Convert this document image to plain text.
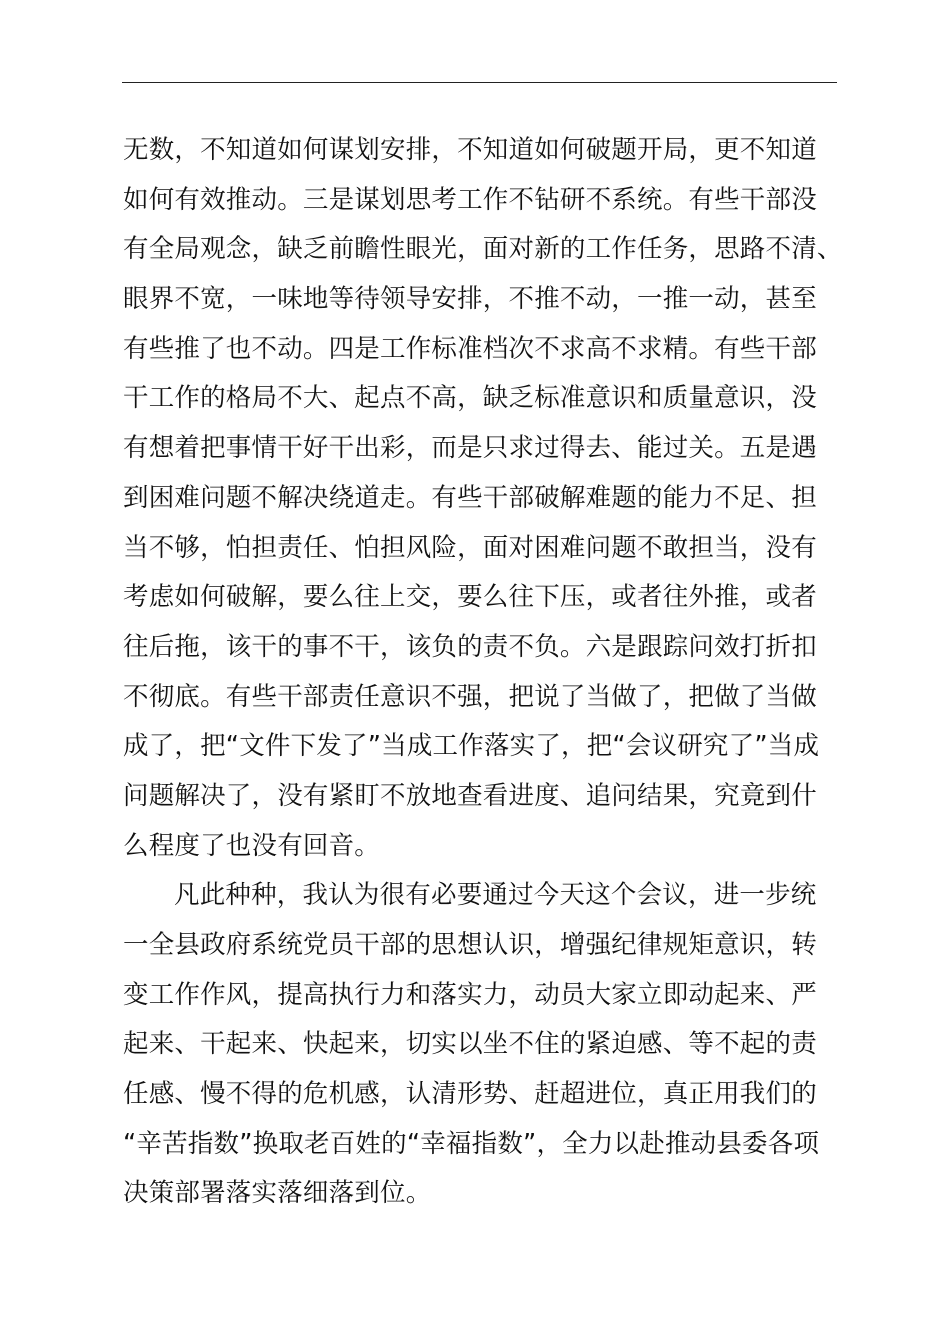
无数，不知道如何谋划安排，不知道如何破题开局，更不知道
如何有效推动。三是谋划思考工作不钻研不系统。有些干部没
有全局观念，缺乏前瞻性眼光，面对新的工作任务，思路不清、
眼界不宽，一味地等待领导安排，不推不动，一推一动，甚至
有些推了也不动。四是工作标准档次不求高不求精。有些干部
干工作的格局不大、起点不高，缺乏标准意识和质量意识，没
有想着把事情干好干出彩，而是只求过得去、能过关。五是遇
到困难问题不解决绕道走。有些干部破解难题的能力不足、担
当不够，怕担责任、怕担风险，面对困难问题不敢担当，没有
考虑如何破解，要么往上交，要么往下压，或者往外推，或者
往后拖，该干的事不干，该负的责不负。六是跟踪问效打折扣
不彻底。有些干部责任意识不强，把说了当做了，把做了当做
成了，把“文件下发了”当成工作落实了，把“会议研究了”当成
问题解决了，没有紧盯不放地查看进度、追问结果，究竟到什
么程度了也没有回音。
凡此种种，我认为很有必要通过今天这个会议，进一步统
一全县政府系统党员干部的思想认识，增强纪律规矩意识，转
变工作作风，提高执行力和落实力，动员大家立即动起来、严
起来、干起来、快起来，切实以坐不住的紧迫感、等不起的责
任感、慢不得的危机感，认清形势、赶超进位，真正用我们的
“辛苦指数”换取老百姓的“幸福指数”，全力以赴推动县委各项
决策部署落实落细落到位。
